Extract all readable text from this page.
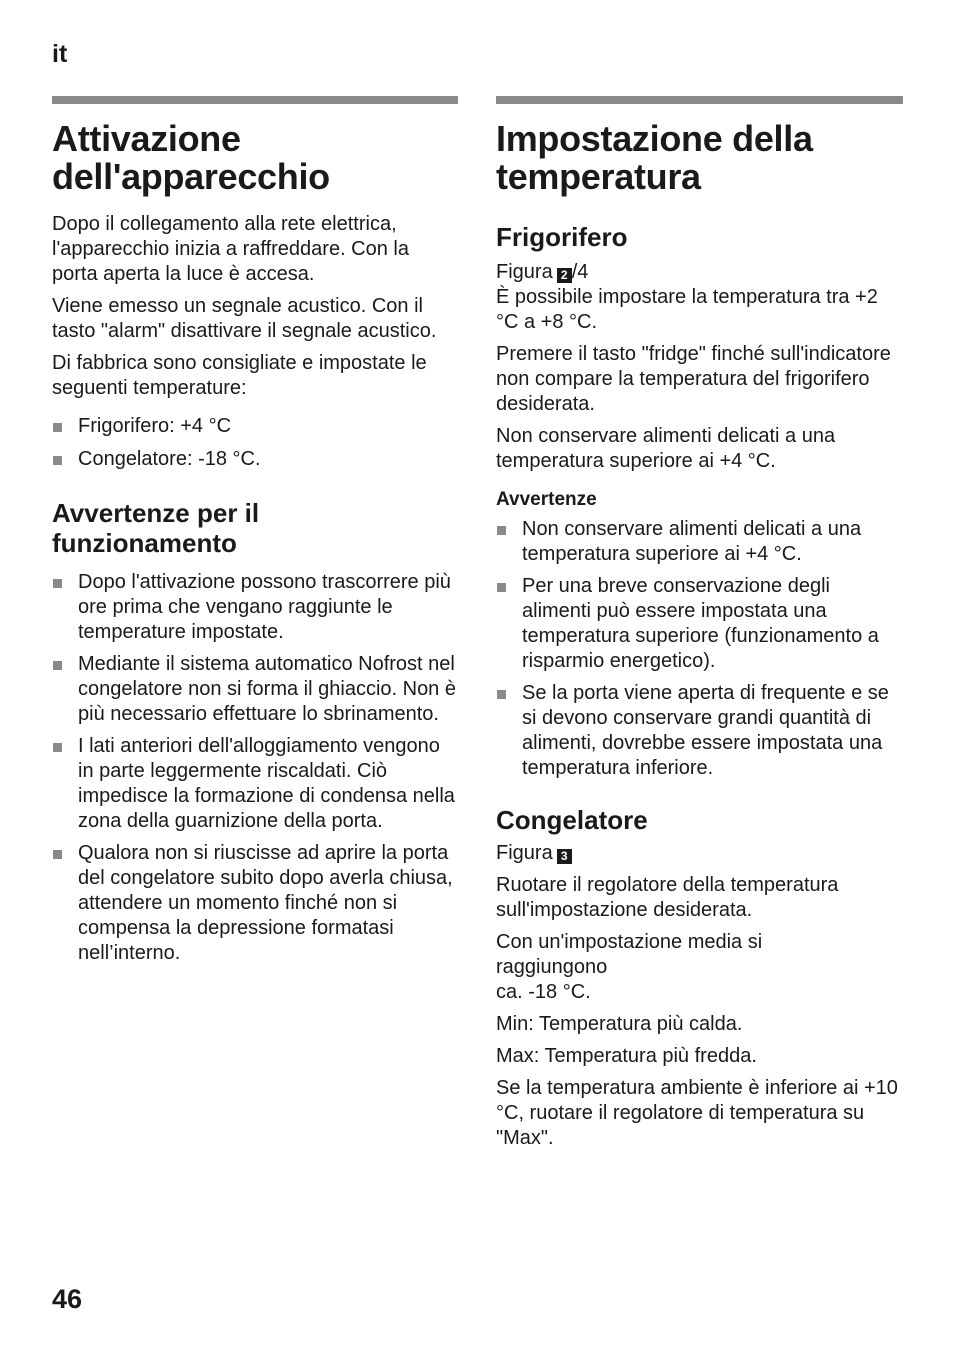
it
Attivazione dell'apparecchio

Dopo il collegamento alla rete elettrica, l'apparecchio inizia a raffreddare. Con la porta aperta la luce è accesa.

Viene emesso un segnale acustico. Con il tasto "alarm" disattivare il segnale acustico.

Di fabbrica sono consigliate e impostate le seguenti temperature:

Frigorifero: +4 °C
Congelatore: -18 °C.
Avvertenze per il funzionamento
Dopo l'attivazione possono trascorrere più ore prima che vengano raggiunte le temperature impostate.
Mediante il sistema automatico Nofrost nel congelatore non si forma il ghiaccio. Non è più necessario effettuare lo sbrinamento.
I lati anteriori dell'alloggiamento vengono in parte leggermente riscaldati. Ciò impedisce la formazione di condensa nella zona della guarnizione della porta.
Qualora non si riuscisse ad aprire la porta del congelatore subito dopo averla chiusa, attendere un momento finché non si compensa la depressione formatasi nell’interno.
Impostazione della temperatura
Frigorifero

Figura 2 /4

È possibile impostare la temperatura tra +2 °C a +8 °C.

Premere il tasto "fridge" finché sull'indicatore non compare la temperatura del frigorifero desiderata.

Non conservare alimenti delicati a una temperatura superiore ai +4 °C.

Avvertenze
Non conservare alimenti delicati a una temperatura superiore ai +4 °C.
Per una breve conservazione degli alimenti può essere impostata una temperatura superiore (funzionamento a risparmio energetico).
Se la porta viene aperta di frequente e se si devono conservare grandi quantità di alimenti, dovrebbe essere impostata una temperatura inferiore.
Congelatore

Figura 3

Ruotare il regolatore della temperatura sull'impostazione desiderata.

Con un'impostazione media si raggiungono
ca. -18 °C.

Min: Temperatura più calda.

Max: Temperatura più fredda.

Se la temperatura ambiente è inferiore ai +10 °C, ruotare il regolatore di temperatura su "Max".

46
